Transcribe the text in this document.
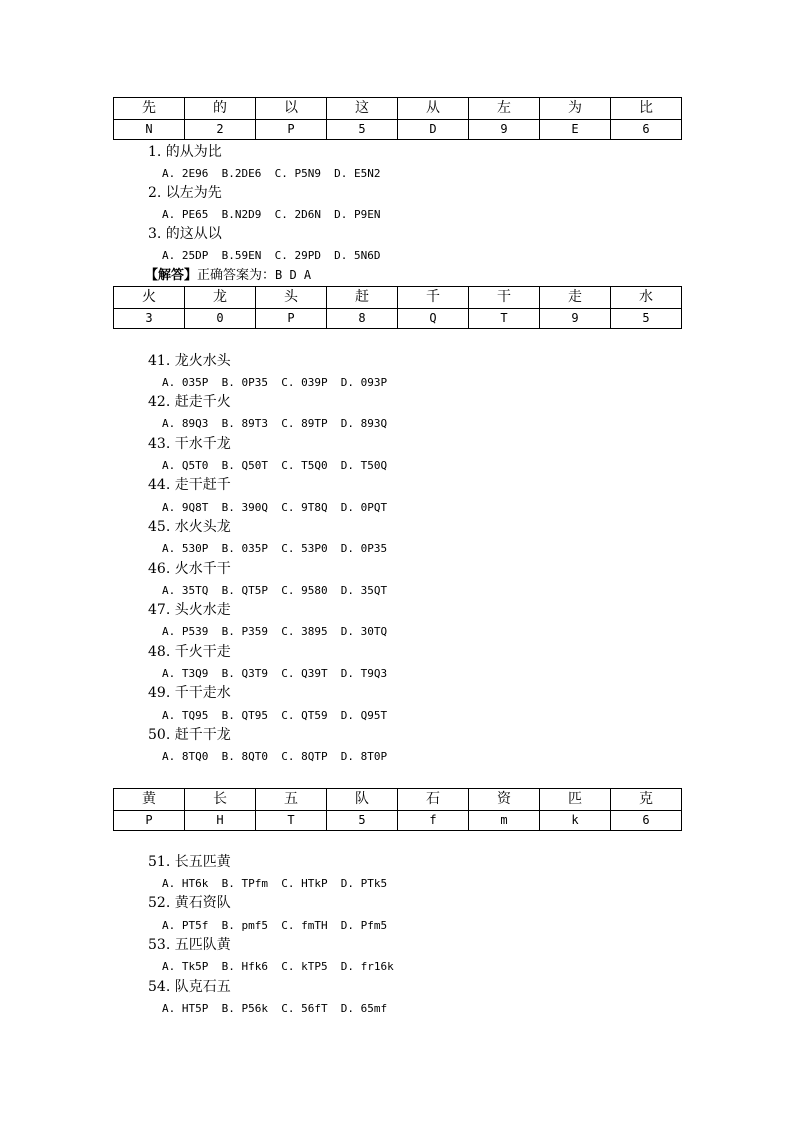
先	的	以	这	从	左	为	比
N	2	P	5	D	9	E	6
1. 的从为比
A. 2E96  B.2DE6  C. P5N9  D. E5N2
2. 以左为先
A. PE65  B.N2D9  C. 2D6N  D. P9EN
3. 的这从以
A. 25DP  B.59EN  C. 29PD  D. 5N6D
【解答】正确答案为：B D A
火	龙	头	赶	千	干	走	水
3	0	P	8	Q	T	9	5
41. 龙火水头
A. 035P  B. 0P35  C. 039P  D. 093P
42. 赶走千火
A. 89Q3  B. 89T3  C. 89TP  D. 893Q
43. 干水千龙
A. Q5T0  B. Q50T  C. T5Q0  D. T50Q
44. 走干赶千
A. 9Q8T  B. 390Q  C. 9T8Q  D. 0PQT
45. 水火头龙
A. 530P  B. 035P  C. 53P0  D. 0P35
46. 火水千干
A. 35TQ  B. QT5P  C. 9580  D. 35QT
47. 头火水走
A. P539  B. P359  C. 3895  D. 30TQ
48. 千火干走
A. T3Q9  B. Q3T9  C. Q39T  D. T9Q3
49. 千干走水
A. TQ95  B. QT95  C. QT59  D. Q95T
50. 赶千干龙
A. 8TQ0  B. 8QT0  C. 8QTP  D. 8T0P
黄	长	五	队	石	资	匹	克
P	H	T	5	f	m	k	6
51. 长五匹黄
A. HT6k  B. TPfm  C. HTkP  D. PTk5
52. 黄石资队
A. PT5f  B. pmf5  C. fmTH  D. Pfm5
53. 五匹队黄
A. Tk5P  B. Hfk6  C. kTP5  D. fr16k
54. 队克石五
A. HT5P  B. P56k  C. 56fT  D. 65mf
